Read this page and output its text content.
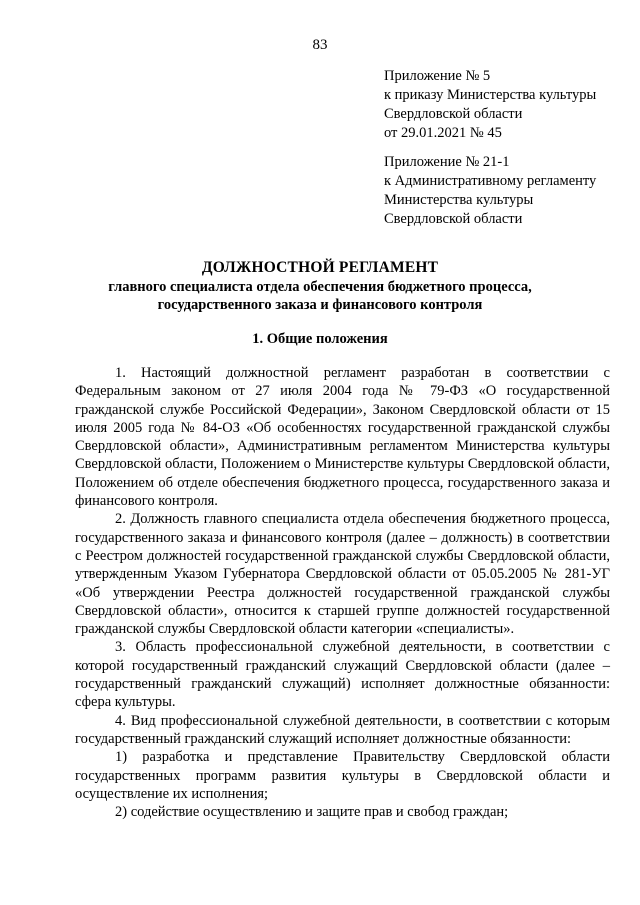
83
Приложение № 5
к приказу Министерства культуры
Свердловской области
от 29.01.2021 № 45
Приложение № 21-1
к Административному регламенту
Министерства культуры
Свердловской области
ДОЛЖНОСТНОЙ РЕГЛАМЕНТ
главного специалиста отдела обеспечения бюджетного процесса,
государственного заказа и финансового контроля
1. Общие положения

1. Настоящий должностной регламент разработан в соответствии с Федеральным законом от 27 июля 2004 года № 79-ФЗ «О государственной гражданской службе Российской Федерации», Законом Свердловской области от 15 июля 2005 года № 84-ОЗ «Об особенностях государственной гражданской службы Свердловской области», Административным регламентом Министерства культуры Свердловской области, Положением о Министерстве культуры Свердловской области, Положением об отделе обеспечения бюджетного процесса, государственного заказа и финансового контроля.

2. Должность главного специалиста отдела обеспечения бюджетного процесса, государственного заказа и финансового контроля (далее – должность) в соответствии с Реестром должностей государственной гражданской службы Свердловской области, утвержденным Указом Губернатора Свердловской области от 05.05.2005 № 281-УГ «Об утверждении Реестра должностей государственной гражданской службы Свердловской области», относится к старшей группе должностей государственной гражданской службы Свердловской области категории «специалисты».

3. Область профессиональной служебной деятельности, в соответствии с которой государственный гражданский служащий Свердловской области (далее – государственный гражданский служащий) исполняет должностные обязанности: сфера культуры.

4. Вид профессиональной служебной деятельности, в соответствии с которым государственный гражданский служащий исполняет должностные обязанности:

1) разработка и представление Правительству Свердловской области государственных программ развития культуры в Свердловской области и осуществление их исполнения;

2) содействие осуществлению и защите прав и свобод граждан;
